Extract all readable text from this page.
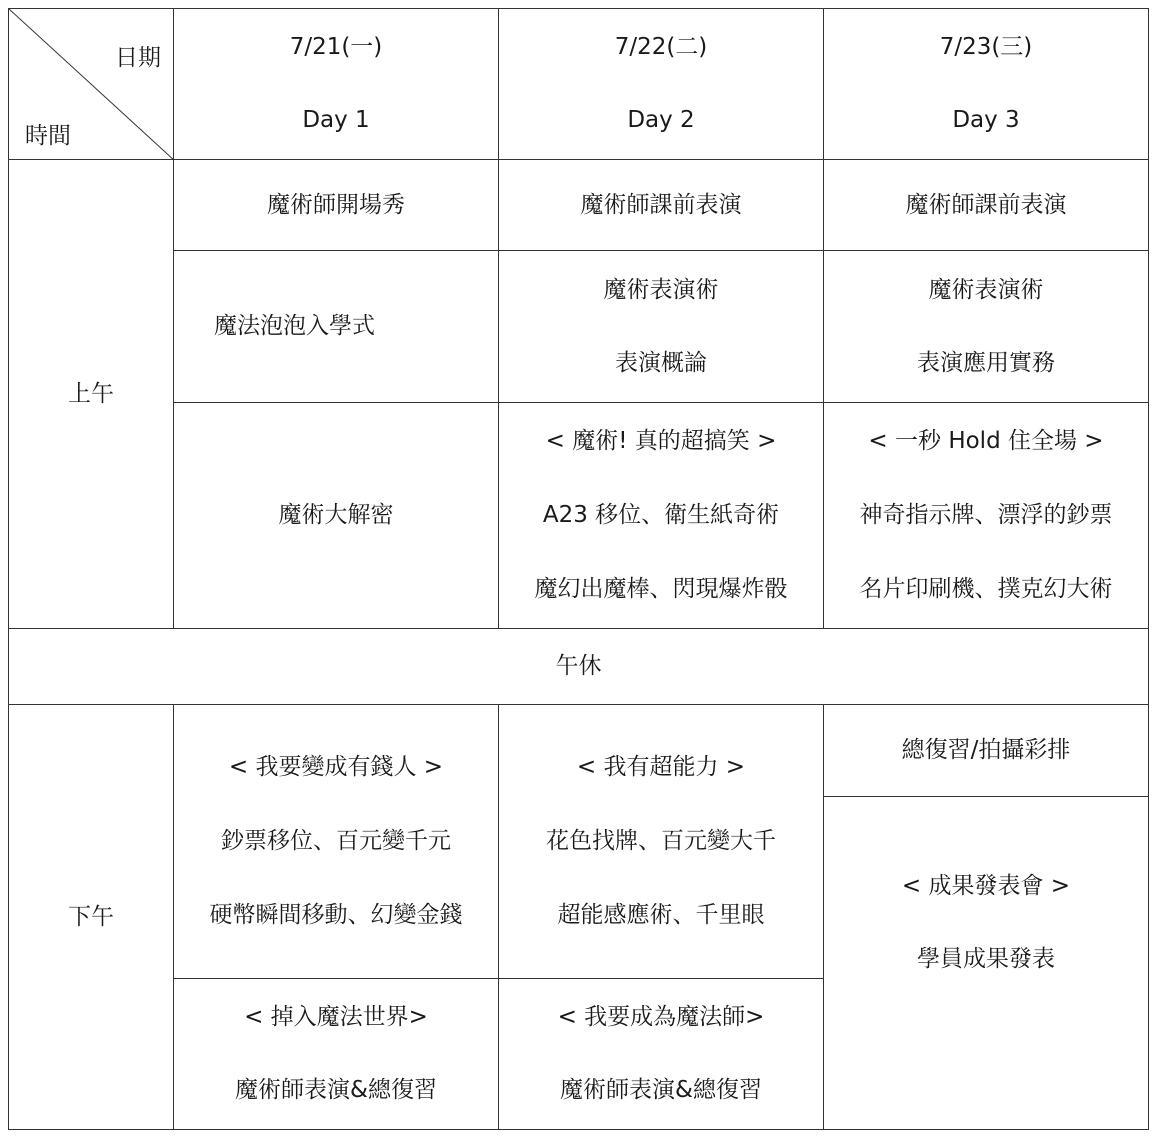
日期
時間
7/21(一)
Day 1
7/22(二)
Day 2
7/23(三)
Day 3
上午
魔術師開場秀	魔術師課前表演	魔術師課前表演
魔法泡泡入學式
魔術表演術
表演概論
魔術表演術
表演應用實務
魔術大解密
< 魔術! 真的超搞笑 >
A23 移位、衛生紙奇術
魔幻出魔棒、閃現爆炸骰
< 一秒 Hold 住全場 >
神奇指示牌、漂浮的鈔票
名片印刷機、撲克幻大術
午休
下午
< 我要變成有錢人 >
鈔票移位、百元變千元
硬幣瞬間移動、幻變金錢
< 掉入魔法世界>
魔術師表演&總復習
< 我有超能力 >
花色找牌、百元變大千
超能感應術、千里眼
< 我要成為魔法師>
魔術師表演&總復習
總復習/拍攝彩排
< 成果發表會 >
學員成果發表
